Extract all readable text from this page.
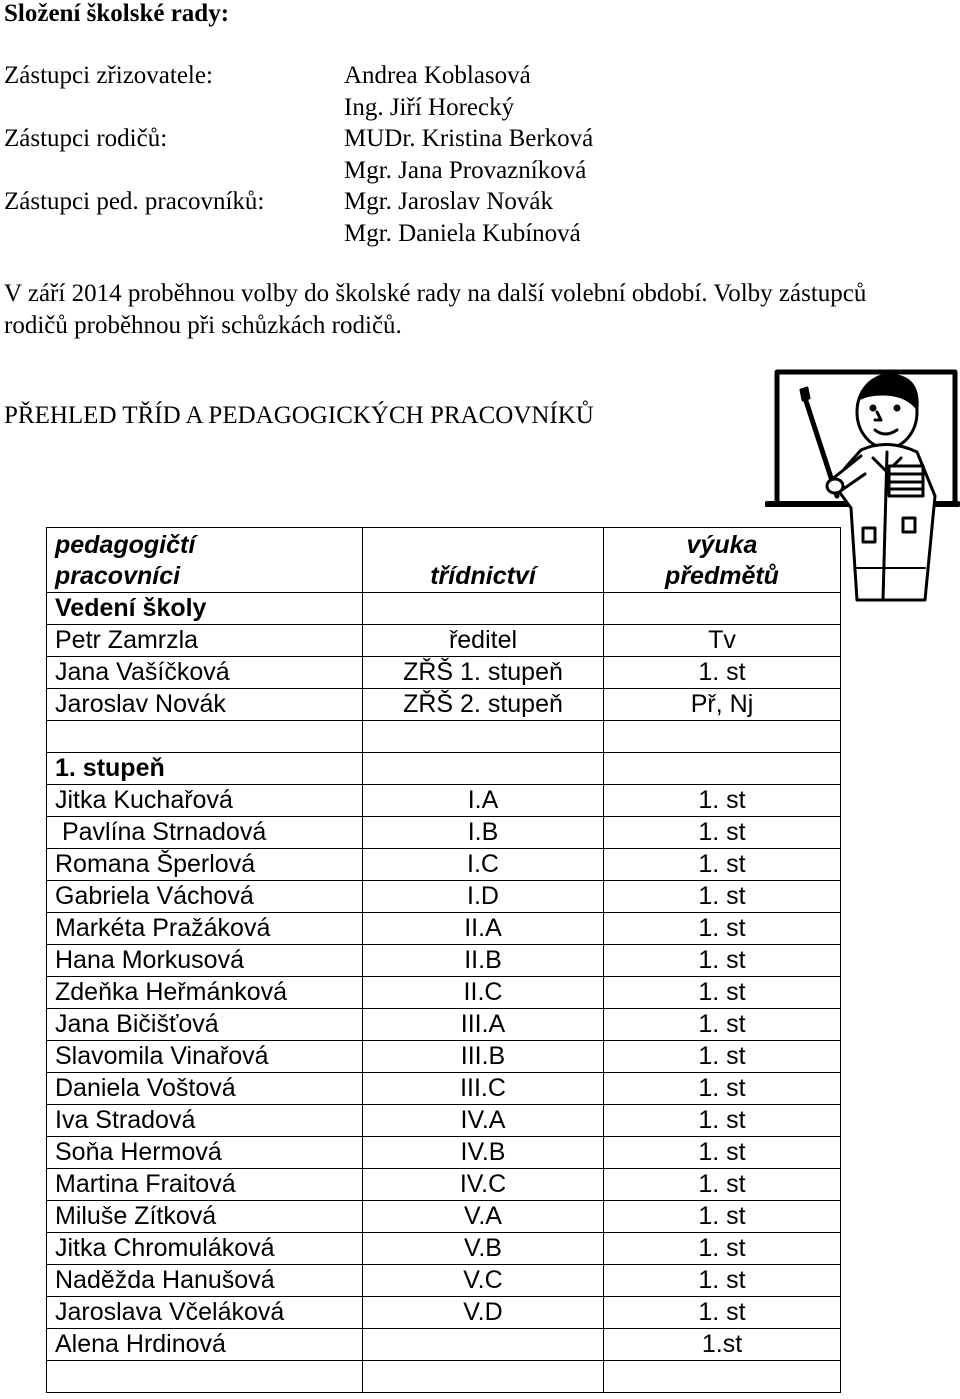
Složení školské rady:
Zástupci zřizovatele:	Andrea Koblasová
Ing. Jiří Horecký
Zástupci rodičů:	MUDr. Kristina Berková
Mgr. Jana Provazníková
Zástupci ped. pracovníků:	Mgr. Jaroslav Novák
Mgr. Daniela Kubínová
V září 2014 proběhnou volby do školské rady na další volební období. Volby zástupců rodičů proběhnou při schůzkách rodičů.
PŘEHLED TŘÍD A PEDAGOGICKÝCH PRACOVNÍKŮ
pedagogičtí
pracovníci	třídnictví	výuka
předmětů
Vedení školy		
Petr Zamrzla	ředitel	Tv
Jana Vašíčková	ZŘŠ 1. stupeň	1. st
Jaroslav Novák	ZŘŠ 2. stupeň	Př, Nj

1. stupeň		
Jitka Kuchařová	I.A	1. st
Pavlína Strnadová	I.B	1. st
Romana Šperlová	I.C	1. st
Gabriela Váchová	I.D	1. st
Markéta Pražáková	II.A	1. st
Hana Morkusová	II.B	1. st
Zdeňka Heřmánková	II.C	1. st
Jana Bičišťová	III.A	1. st
Slavomila Vinařová	III.B	1. st
Daniela Voštová	III.C	1. st
Iva Stradová	IV.A	1. st
Soňa Hermová	IV.B	1. st
Martina Fraitová	IV.C	1. st
Miluše Zítková	V.A	1. st
Jitka Chromuláková	V.B	1. st
Naděžda Hanušová	V.C	1. st
Jaroslava Včeláková	V.D	1. st
Alena Hrdinová		1.st
